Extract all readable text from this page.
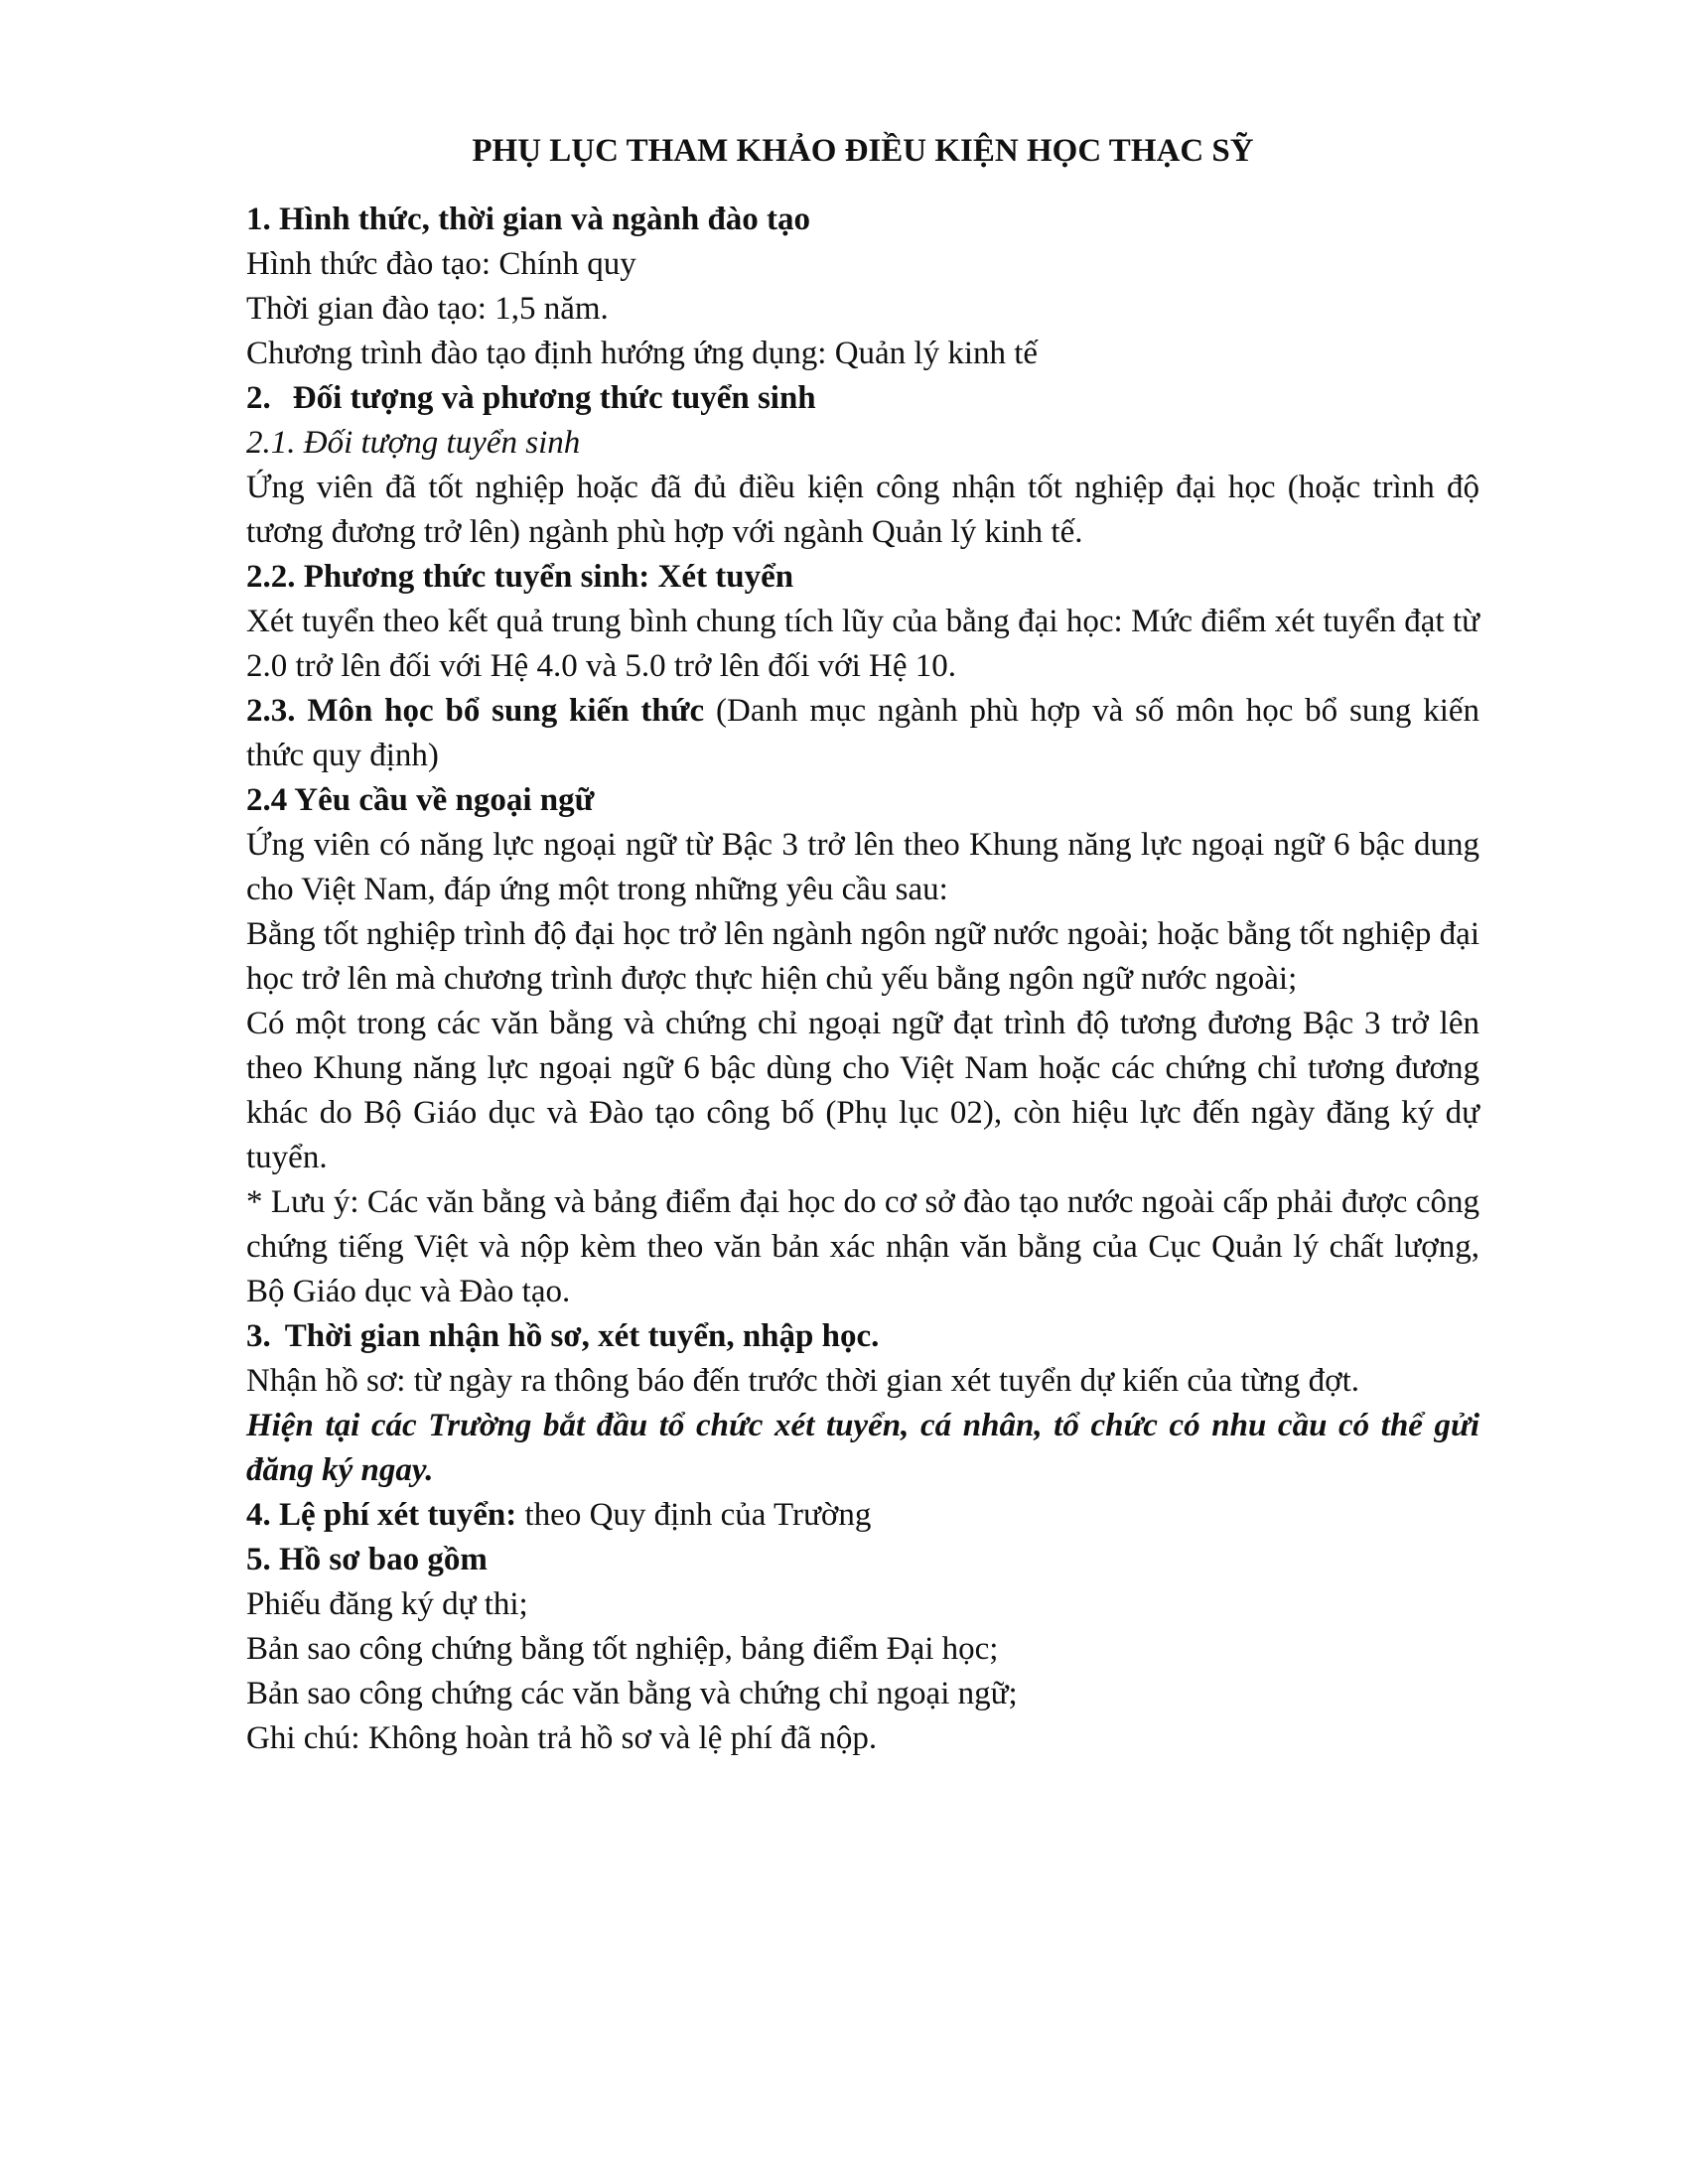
PHỤ LỤC THAM KHẢO ĐIỀU KIỆN HỌC THẠC SỸ

1. Hình thức, thời gian và ngành đào tạo

Hình thức đào tạo: Chính quy

Thời gian đào tạo: 1,5 năm.

Chương trình đào tạo định hướng ứng dụng: Quản lý kinh tế

2. Đối tượng và phương thức tuyển sinh

2.1. Đối tượng tuyển sinh

Ứng viên đã tốt nghiệp hoặc đã đủ điều kiện công nhận tốt nghiệp đại học (hoặc trình độ tương đương trở lên) ngành phù hợp với ngành Quản lý kinh tế.

2.2. Phương thức tuyển sinh: Xét tuyển

Xét tuyển theo kết quả trung bình chung tích lũy của bằng đại học: Mức điểm xét tuyển đạt từ 2.0 trở lên đối với Hệ 4.0 và 5.0 trở lên đối với Hệ 10.

2.3. Môn học bổ sung kiến thức (Danh mục ngành phù hợp và số môn học bổ sung kiến thức quy định)

2.4 Yêu cầu về ngoại ngữ

Ứng viên có năng lực ngoại ngữ từ Bậc 3 trở lên theo Khung năng lực ngoại ngữ 6 bậc dung cho Việt Nam, đáp ứng một trong những yêu cầu sau:

Bằng tốt nghiệp trình độ đại học trở lên ngành ngôn ngữ nước ngoài; hoặc bằng tốt nghiệp đại học trở lên mà chương trình được thực hiện chủ yếu bằng ngôn ngữ nước ngoài;

Có một trong các văn bằng và chứng chỉ ngoại ngữ đạt trình độ tương đương Bậc 3 trở lên theo Khung năng lực ngoại ngữ 6 bậc dùng cho Việt Nam hoặc các chứng chỉ tương đương khác do Bộ Giáo dục và Đào tạo công bố (Phụ lục 02), còn hiệu lực đến ngày đăng ký dự tuyển.

* Lưu ý: Các văn bằng và bảng điểm đại học do cơ sở đào tạo nước ngoài cấp phải được công chứng tiếng Việt và nộp kèm theo văn bản xác nhận văn bằng của Cục Quản lý chất lượng, Bộ Giáo dục và Đào tạo.

3. Thời gian nhận hồ sơ, xét tuyển, nhập học.

Nhận hồ sơ: từ ngày ra thông báo đến trước thời gian xét tuyển dự kiến của từng đợt.

Hiện tại các Trường bắt đầu tổ chức xét tuyển, cá nhân, tổ chức có nhu cầu có thể gửi đăng ký ngay.

4. Lệ phí xét tuyển: theo Quy định của Trường

5. Hồ sơ bao gồm

Phiếu đăng ký dự thi;

Bản sao công chứng bằng tốt nghiệp, bảng điểm Đại học;

Bản sao công chứng các văn bằng và chứng chỉ ngoại ngữ;

Ghi chú: Không hoàn trả hồ sơ và lệ phí đã nộp.
